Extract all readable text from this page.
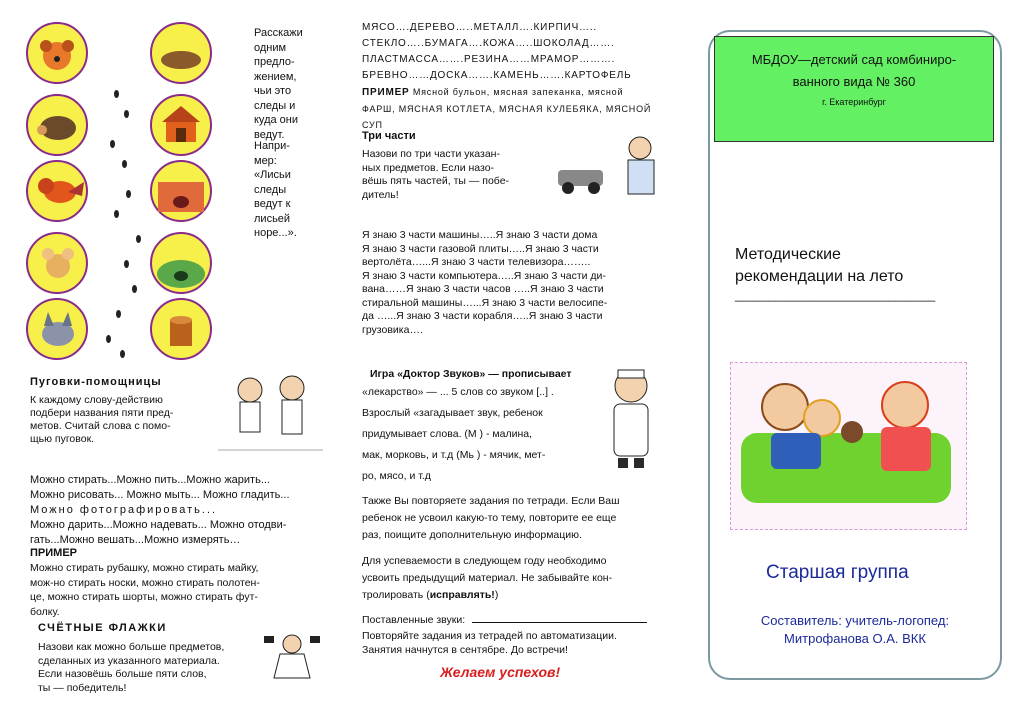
Расскажи
одним
предло-
жением,
чьи это
следы и
куда они
ведут.
Напри-
мер:
«Лисьи
следы
ведут к
лисьей
норе...».
Пуговки-помощницы
К каждому слову-действию
подбери названия пяти пред-
метов. Считай слова с помо-
щью пуговок.
Можно стирать...Можно пить...Можно жарить...
Можно рисовать... Можно мыть... Можно гладить...
Можно фотографировать...
Можно дарить...Можно надевать... Можно отодви-
гать...Можно вешать...Можно измерять…
ПРИМЕР
Можно стирать рубашку, можно стирать майку,
мож-но стирать носки, можно стирать полотен-
це, можно стирать шорты, можно стирать фут-
болку.
СЧЁТНЫЕ ФЛАЖКИ
Назови как можно больше предметов,
сделанных из указанного материала.
Если назовёшь больше пяти слов,
ты — победитель!
МЯСО….ДЕРЕВО…..МЕТАЛЛ….КИРПИЧ…..
СТЕКЛО…..БУМАГА….КОЖА…..ШОКОЛАД…….
ПЛАСТМАССА…….РЕЗИНА……МРАМОР……….
БРЕВНО……ДОСКА…….КАМЕНЬ…….КАРТОФЕЛЬ
ПРИМЕР Мясной бульон, мясная запеканка, мясной
ФАРШ, МЯСНАЯ КОТЛЕТА, МЯСНАЯ КУЛЕБЯКА, МЯСНОЙ
СУП
Три части
Назови по три части указан-
ных предметов. Если назо-
вёшь пять частей, ты — побе-
дитель!
Я знаю 3 части машины…..Я знаю 3 части дома
Я знаю 3 части газовой плиты…..Я знаю 3 части
вертолёта…...Я знаю 3 части телевизора……..
Я знаю 3 части компьютера…..Я знаю 3 части ди-
вана……Я знаю 3 части часов …..Я знаю 3 части
стиральной машины…...Я знаю 3 части велосипе-
да …...Я знаю 3 части корабля…..Я знаю 3 части
грузовика….
Игра «Доктор Звуков» — прописывает
«лекарство» — ... 5 слов со звуком [..] .
Взрослый «загадывает звук, ребенок
придумывает слова. (М ) - малина,
мак, морковь, и т.д (Мь ) - мячик, мет-
ро, мясо, и т.д
Также Вы повторяете задания по тетради. Если Ваш
ребенок не усвоил какую-то тему, повторите ее еще
раз, поищите дополнительную информацию.
Для успеваемости в следующем году необходимо
усвоить предыдущий материал. Не забывайте кон-
тролировать (исправлять!)
Поставленные звуки:
Повторяйте задания из тетрадей по автоматизации.
Занятия начнутся в сентябре. До встречи!
Желаем успехов!
МБДОУ—детский сад комбиниро-
ванного вида № 360
г. Екатеринбург
Методические
рекомендации на лето
______________________________
Старшая группа
Составитель: учитель-логопед:
Митрофанова О.А. ВКК
